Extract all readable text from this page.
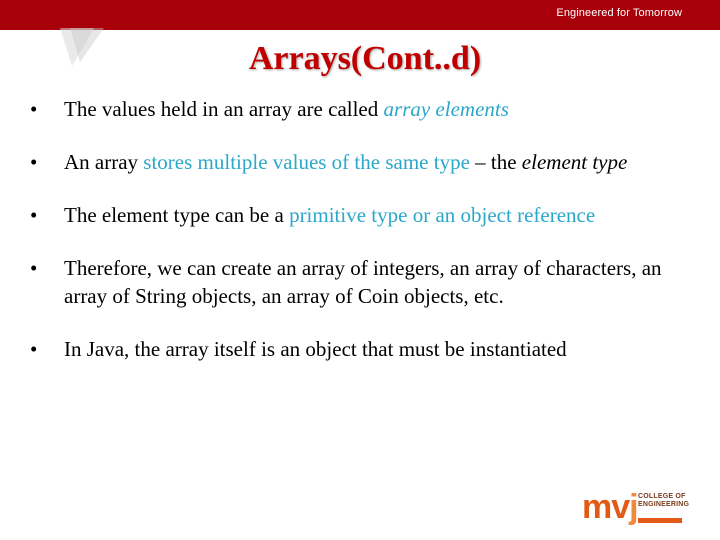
Engineered for Tomorrow
Arrays(Cont..d)
•	The values held in an array are called array elements
•	An array stores multiple values of the same type – the element type
•	The element type can be a primitive type or an object reference
•	Therefore, we can create an array of integers, an array of characters, an array of String objects, an array of Coin objects, etc.
•	In Java, the array itself is an object that must be instantiated
mvj COLLEGE OF
ENGINEERING
